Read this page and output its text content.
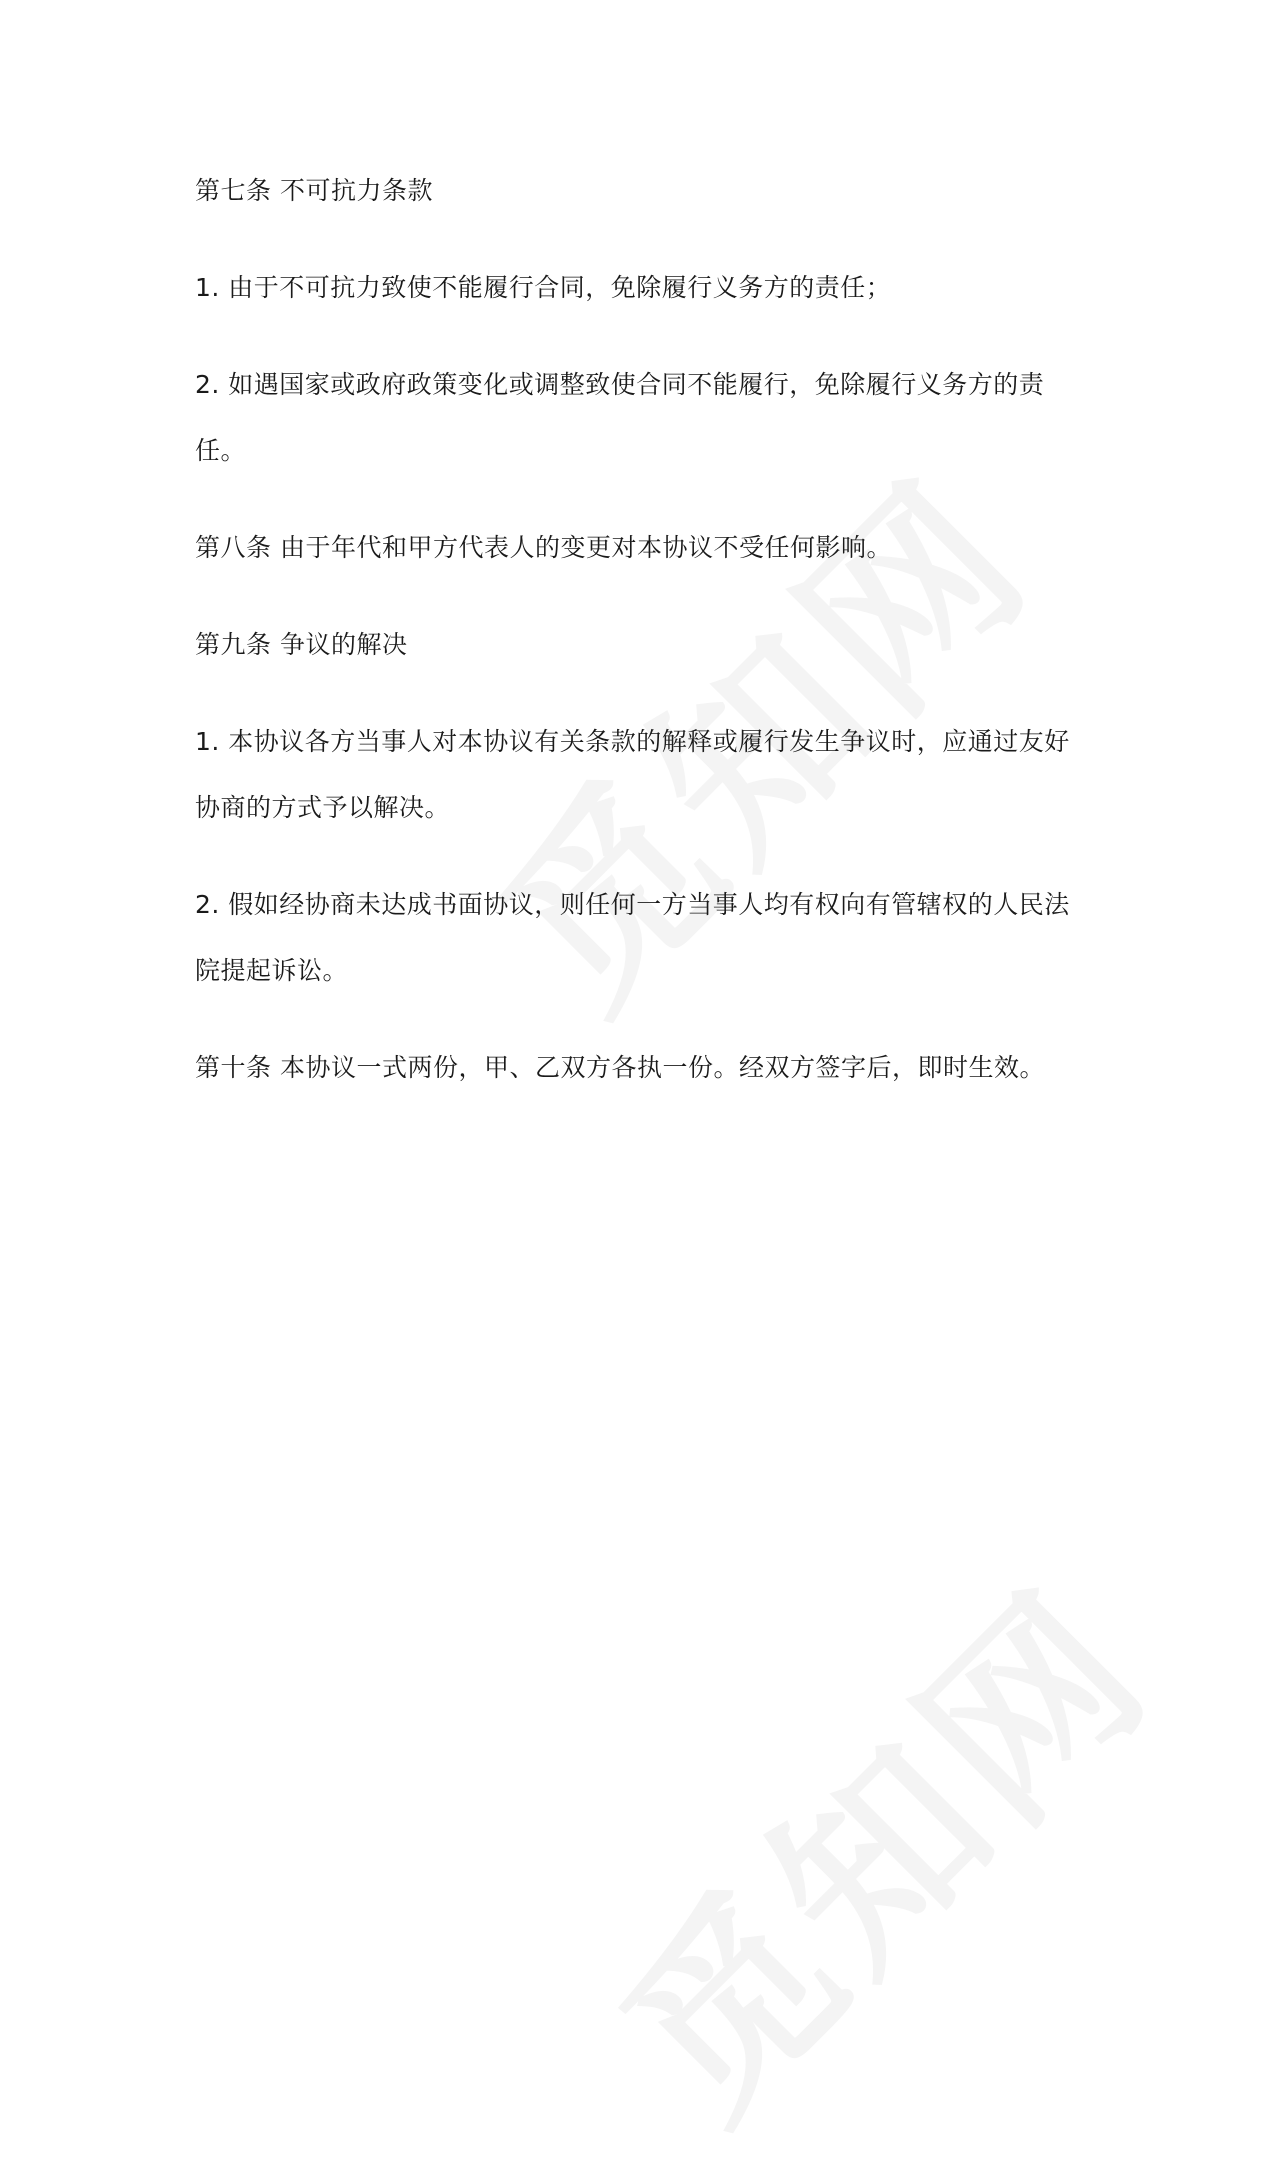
第七条 不可抗力条款

1. 由于不可抗力致使不能履行合同，免除履行义务方的责任；

2. 如遇国家或政府政策变化或调整致使合同不能履行，免除履行义务方的责任。

第八条 由于年代和甲方代表人的变更对本协议不受任何影响。

第九条 争议的解决

1. 本协议各方当事人对本协议有关条款的解释或履行发生争议时，应通过友好协商的方式予以解决。

2. 假如经协商未达成书面协议，则任何一方当事人均有权向有管辖权的人民法院提起诉讼。

第十条 本协议一式两份，甲、乙双方各执一份。经双方签字后，即时生效。
